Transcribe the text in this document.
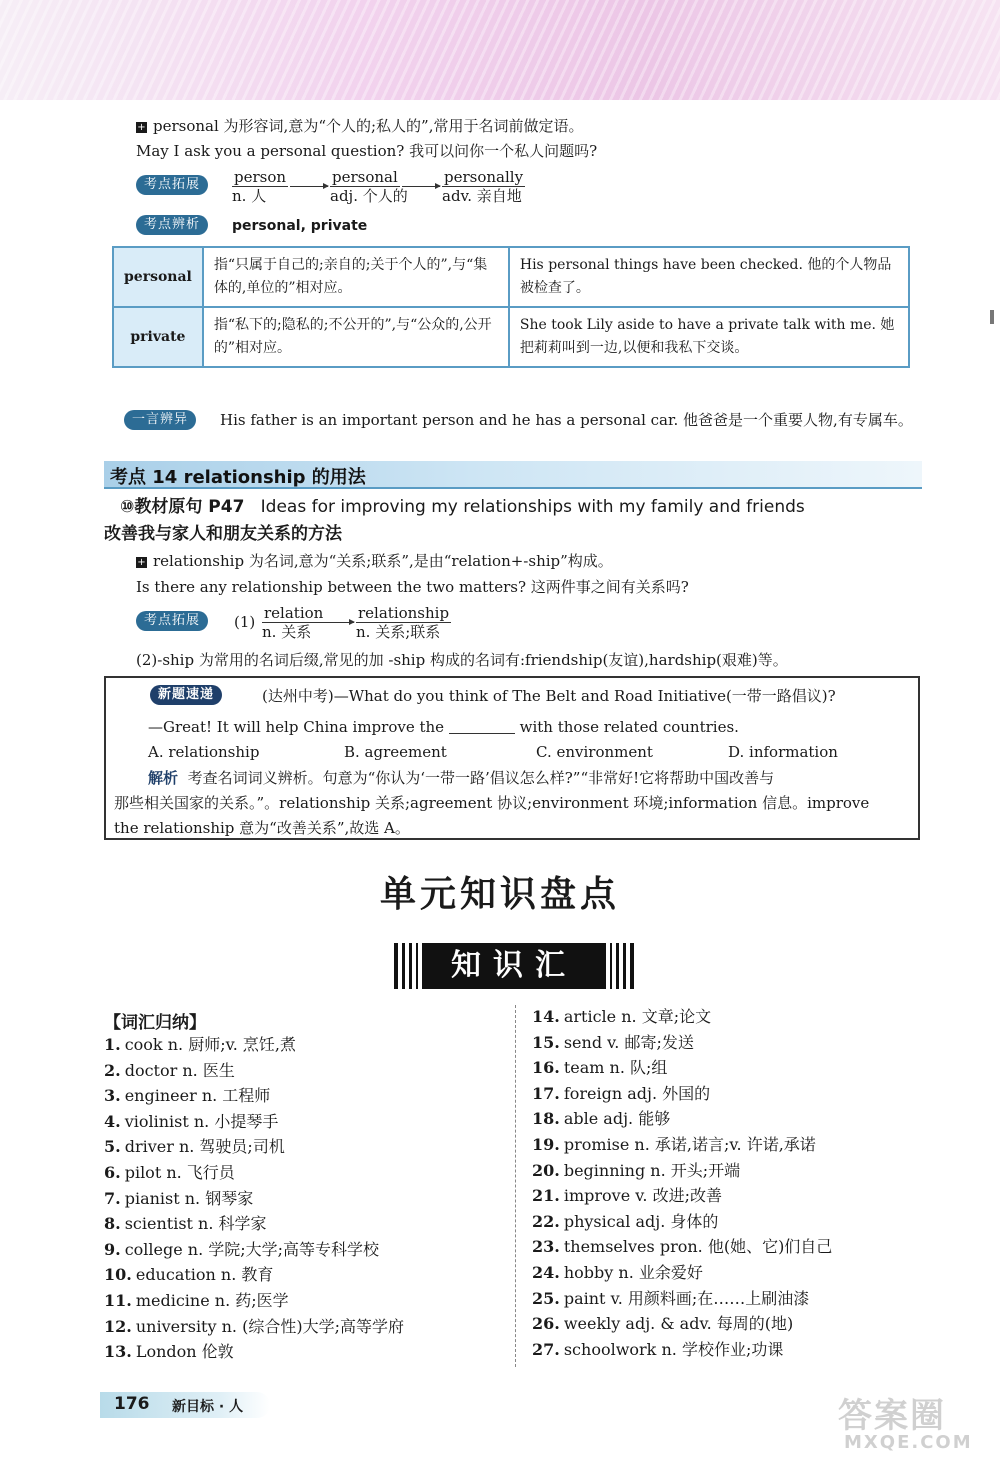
+ personal 为形容词,意为“个人的;私人的”,常用于名词前做定语。
May I ask you a personal question? 我可以问你一个私人问题吗?
考点拓展	person
n. 人
personal
adj. 个人的
personally
adv. 亲自地
考点辨析	personal, private
personal	指“只属于自己的;亲自的;关于个人的”,与“集体的,单位的”相对应。	His personal things have been checked. 他的个人物品被检查了。
private	指“私下的;隐私的;不公开的”,与“公众的,公开的”相对应。	She took Lily aside to have a private talk with me. 她把莉莉叫到一边,以便和我私下交谈。
一言辨异	His father is an important person and he has a personal car. 他爸爸是一个重要人物,有专属车。
考点 14 relationship 的用法
⑩教材原句 P47 Ideas for improving my relationships with my family and friends
改善我与家人和朋友关系的方法
+ relationship 为名词,意为“关系;联系”,是由“relation+-ship”构成。
Is there any relationship between the two matters? 这两件事之间有关系吗?
考点拓展	(1) relation
n. 关系
relationship
n. 关系;联系
(2)-ship 为常用的名词后缀,常见的加 -ship 构成的名词有:friendship(友谊),hardship(艰难)等。
新题速递	(达州中考)—What do you think of The Belt and Road Initiative(一带一路倡议)?
—Great! It will help China improve the	with those related countries.
A. relationship	B. agreement	C. environment	D. information
解析 考查名词词义辨析。句意为“你认为‘一带一路’倡议怎么样?”“非常好!它将帮助中国改善与
那些相关国家的关系。”。relationship 关系;agreement 协议;environment 环境;information 信息。improve
the relationship 意为“改善关系”,故选 A。
单元知识盘点
知识汇
【词汇归纳】
1. cook n. 厨师;v. 烹饪,煮
2. doctor n. 医生
3. engineer n. 工程师
4. violinist n. 小提琴手
5. driver n. 驾驶员;司机
6. pilot n. 飞行员
7. pianist n. 钢琴家
8. scientist n. 科学家
9. college n. 学院;大学;高等专科学校
10. education n. 教育
11. medicine n. 药;医学
12. university n. (综合性)大学;高等学府
13. London 伦敦
14. article n. 文章;论文
15. send v. 邮寄;发送
16. team n. 队;组
17. foreign adj. 外国的
18. able adj. 能够
19. promise n. 承诺,诺言;v. 许诺,承诺
20. beginning n. 开头;开端
21. improve v. 改进;改善
22. physical adj. 身体的
23. themselves pron. 他(她、它)们自己
24. hobby n. 业余爱好
25. paint v. 用颜料画;在……上刷油漆
26. weekly adj. & adv. 每周的(地)
27. schoolwork n. 学校作业;功课
176 新目标 · 人	答案圈
MXQE.COM
